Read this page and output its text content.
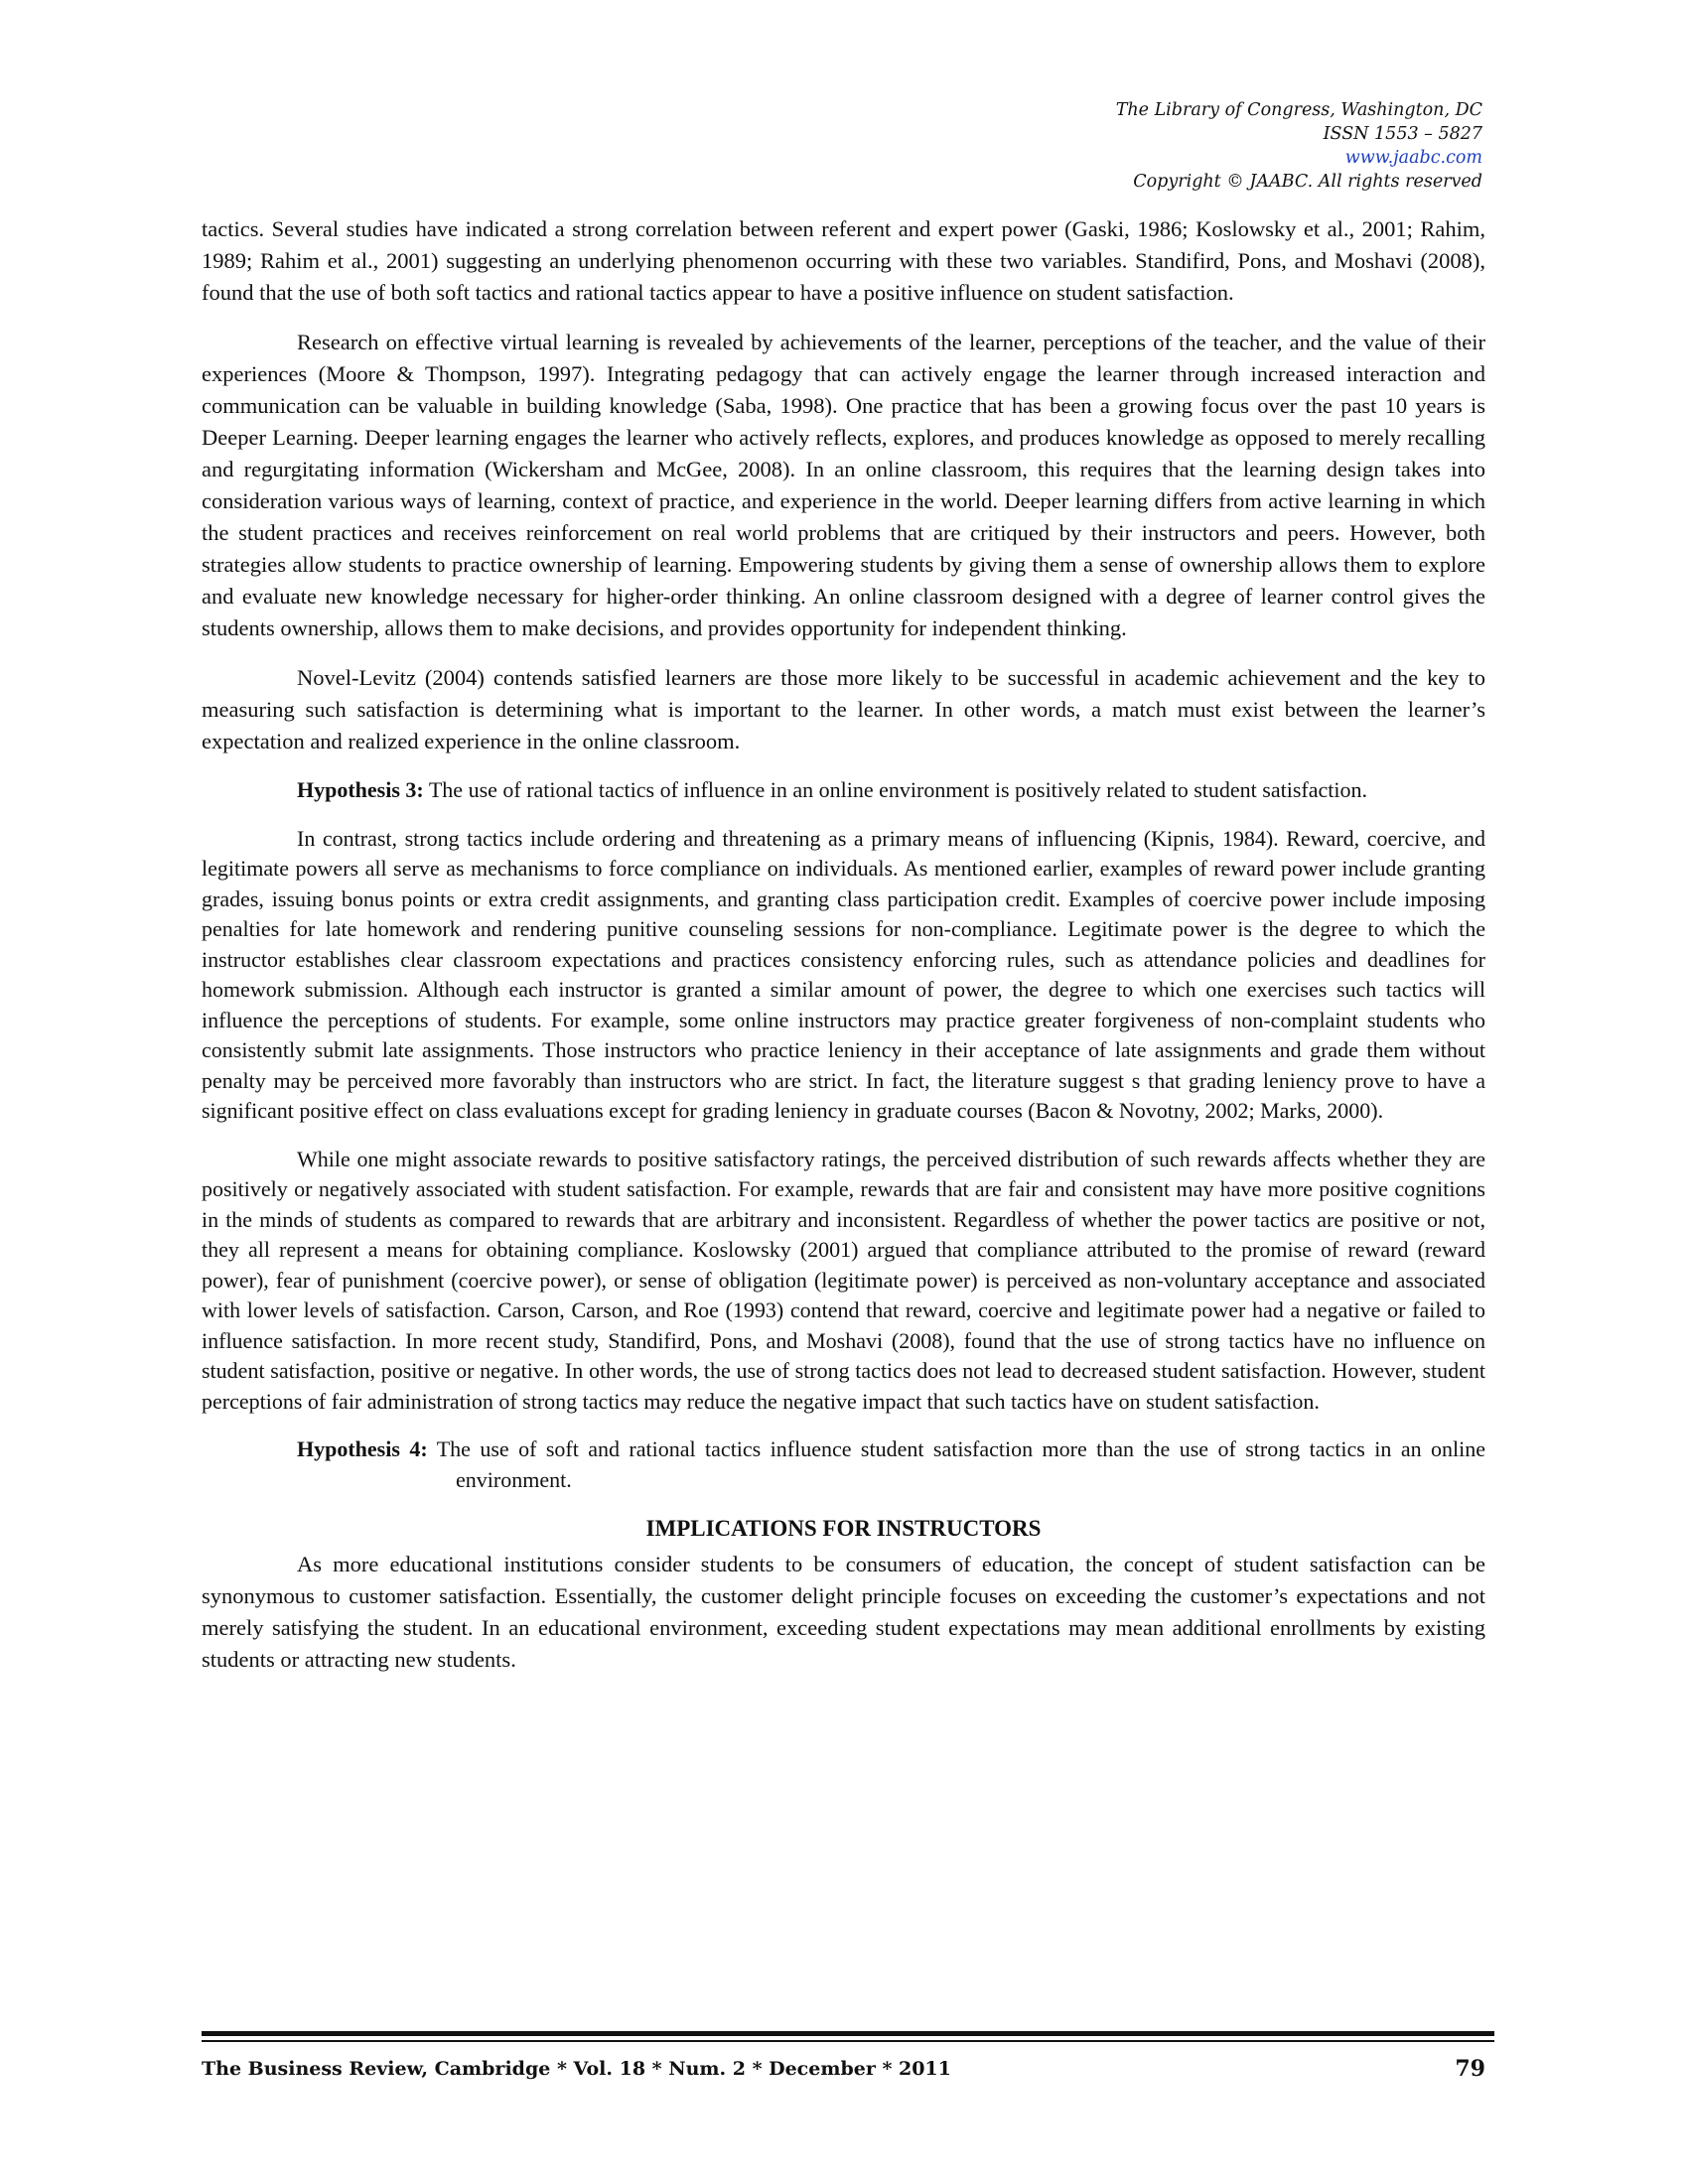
The Library of Congress, Washington, DC
ISSN 1553 – 5827
www.jaabc.com
Copyright © JAABC. All rights reserved

tactics. Several studies have indicated a strong correlation between referent and expert power (Gaski, 1986; Koslowsky et al., 2001; Rahim, 1989; Rahim et al., 2001) suggesting an underlying phenomenon occurring with these two variables. Standifird, Pons, and Moshavi (2008), found that the use of both soft tactics and rational tactics appear to have a positive influence on student satisfaction.

Research on effective virtual learning is revealed by achievements of the learner, perceptions of the teacher, and the value of their experiences (Moore & Thompson, 1997). Integrating pedagogy that can actively engage the learner through increased interaction and communication can be valuable in building knowledge (Saba, 1998). One practice that has been a growing focus over the past 10 years is Deeper Learning. Deeper learning engages the learner who actively reflects, explores, and produces knowledge as opposed to merely recalling and regurgitating information (Wickersham and McGee, 2008). In an online classroom, this requires that the learning design takes into consideration various ways of learning, context of practice, and experience in the world. Deeper learning differs from active learning in which the student practices and receives reinforcement on real world problems that are critiqued by their instructors and peers. However, both strategies allow students to practice ownership of learning. Empowering students by giving them a sense of ownership allows them to explore and evaluate new knowledge necessary for higher-order thinking. An online classroom designed with a degree of learner control gives the students ownership, allows them to make decisions, and provides opportunity for independent thinking.

Novel-Levitz (2004) contends satisfied learners are those more likely to be successful in academic achievement and the key to measuring such satisfaction is determining what is important to the learner. In other words, a match must exist between the learner’s expectation and realized experience in the online classroom.

Hypothesis 3: The use of rational tactics of influence in an online environment is positively related to student satisfaction.

In contrast, strong tactics include ordering and threatening as a primary means of influencing (Kipnis, 1984). Reward, coercive, and legitimate powers all serve as mechanisms to force compliance on individuals. As mentioned earlier, examples of reward power include granting grades, issuing bonus points or extra credit assignments, and granting class participation credit. Examples of coercive power include imposing penalties for late homework and rendering punitive counseling sessions for non-compliance. Legitimate power is the degree to which the instructor establishes clear classroom expectations and practices consistency enforcing rules, such as attendance policies and deadlines for homework submission. Although each instructor is granted a similar amount of power, the degree to which one exercises such tactics will influence the perceptions of students. For example, some online instructors may practice greater forgiveness of non-complaint students who consistently submit late assignments. Those instructors who practice leniency in their acceptance of late assignments and grade them without penalty may be perceived more favorably than instructors who are strict. In fact, the literature suggest s that grading leniency prove to have a significant positive effect on class evaluations except for grading leniency in graduate courses (Bacon & Novotny, 2002; Marks, 2000).

While one might associate rewards to positive satisfactory ratings, the perceived distribution of such rewards affects whether they are positively or negatively associated with student satisfaction. For example, rewards that are fair and consistent may have more positive cognitions in the minds of students as compared to rewards that are arbitrary and inconsistent. Regardless of whether the power tactics are positive or not, they all represent a means for obtaining compliance. Koslowsky (2001) argued that compliance attributed to the promise of reward (reward power), fear of punishment (coercive power), or sense of obligation (legitimate power) is perceived as non-voluntary acceptance and associated with lower levels of satisfaction. Carson, Carson, and Roe (1993) contend that reward, coercive and legitimate power had a negative or failed to influence satisfaction. In more recent study, Standifird, Pons, and Moshavi (2008), found that the use of strong tactics have no influence on student satisfaction, positive or negative. In other words, the use of strong tactics does not lead to decreased student satisfaction. However, student perceptions of fair administration of strong tactics may reduce the negative impact that such tactics have on student satisfaction.

Hypothesis 4: The use of soft and rational tactics influence student satisfaction more than the use of strong tactics in an online environment.
IMPLICATIONS FOR INSTRUCTORS

As more educational institutions consider students to be consumers of education, the concept of student satisfaction can be synonymous to customer satisfaction. Essentially, the customer delight principle focuses on exceeding the customer’s expectations and not merely satisfying the student. In an educational environment, exceeding student expectations may mean additional enrollments by existing students or attracting new students.

The Business Review, Cambridge * Vol. 18 * Num. 2 * December * 2011	79
